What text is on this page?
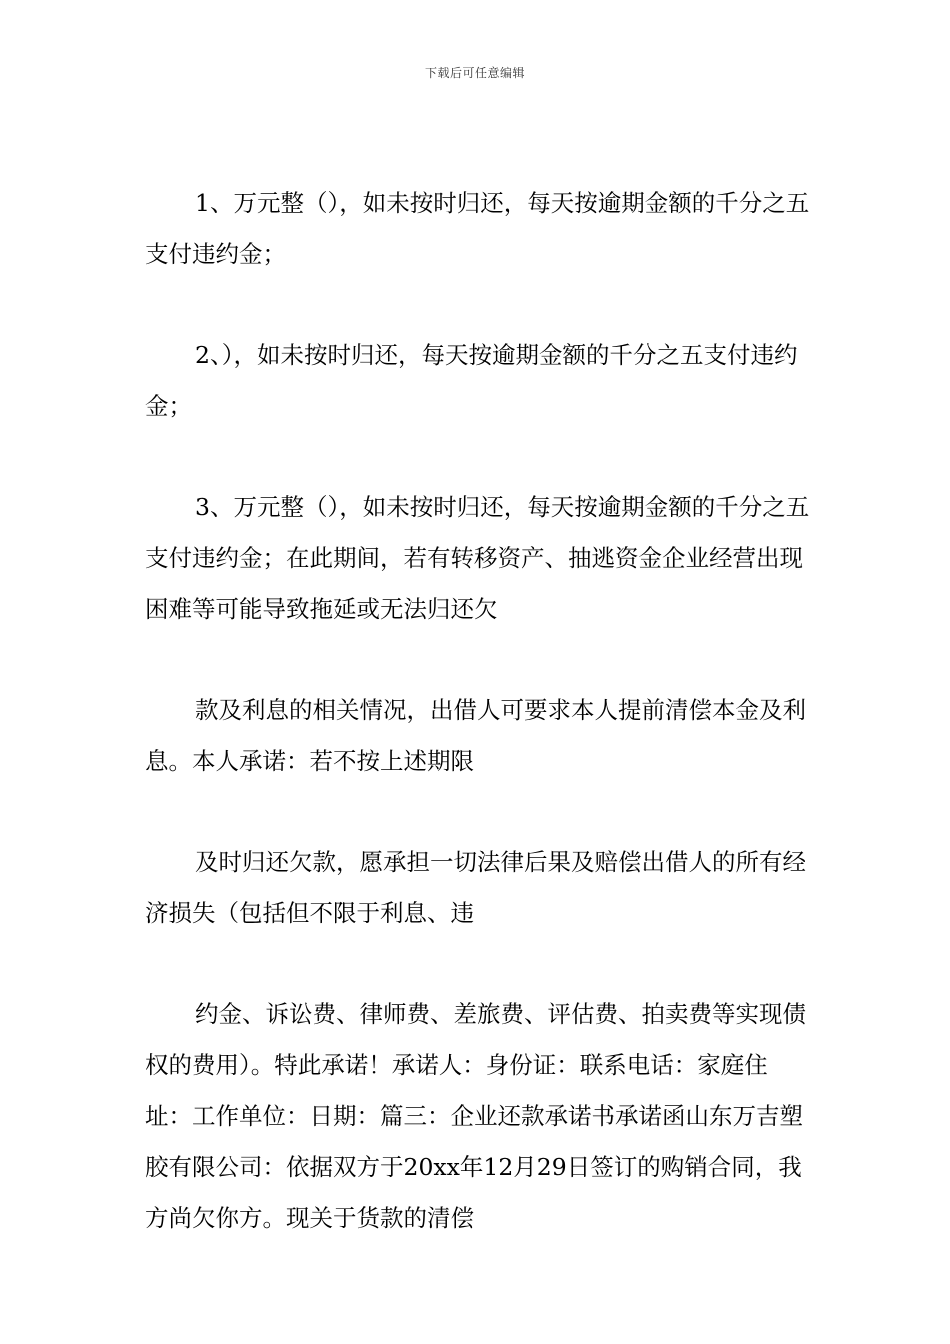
下载后可任意编辑

1、万元整（），如未按时归还，每天按逾期金额的千分之五支付违约金；

2、），如未按时归还，每天按逾期金额的千分之五支付违约金；

3、万元整（），如未按时归还，每天按逾期金额的千分之五支付违约金；在此期间，若有转移资产、抽逃资金企业经营出现困难等可能导致拖延或无法归还欠

款及利息的相关情况，出借人可要求本人提前清偿本金及利息。本人承诺：若不按上述期限

及时归还欠款，愿承担一切法律后果及赔偿出借人的所有经济损失（包括但不限于利息、违

约金、诉讼费、律师费、差旅费、评估费、拍卖费等实现债权的费用）。特此承诺！承诺人：身份证：联系电话：家庭住址：工作单位：日期：篇三：企业还款承诺书承诺函山东万吉塑胶有限公司：依据双方于20xx年12月29日签订的购销合同，我方尚欠你方。现关于货款的清偿
